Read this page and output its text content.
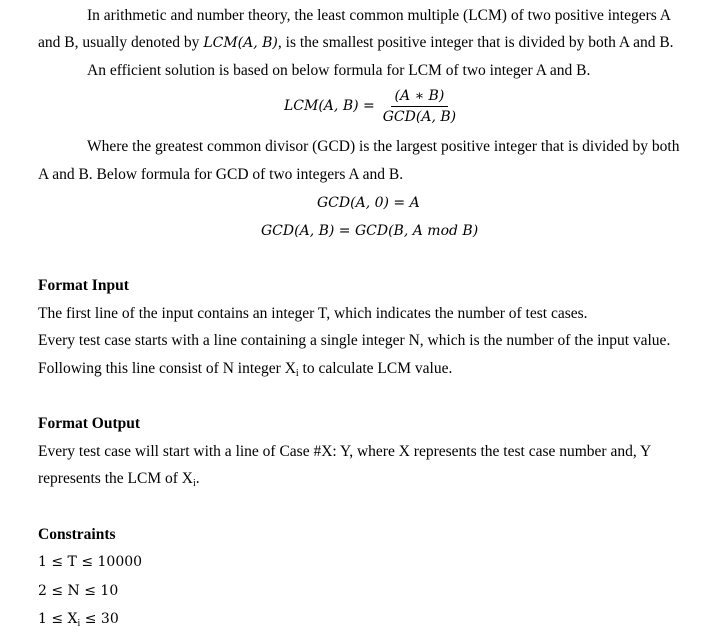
In arithmetic and number theory, the least common multiple (LCM) of two positive integers A
and B, usually denoted by LCM(A, B), is the smallest positive integer that is divided by both A and B.
An efficient solution is based on below formula for LCM of two integer A and B.
LCM(A, $B) = \frac{(A ∗ B)}{\text{GCD(A, B)}}$
Where the greatest common divisor (GCD) is the largest positive integer that is divided by both
A and B. Below formula for GCD of two integers A and B.
GCD(A, 0) = A
GCD(A, B) = GCD(B, A mod B)
Format Input
The first line of the input contains an integer T, which indicates the number of test cases.
Every test case starts with a line containing a single integer N, which is the number of the input value.
Following this line consist of N integer $X_i$ to calculate LCM value.
Format Output
Every test case will start with a line of Case #X: Y, where X represents the test case number and, Y
represents the LCM of $X_i$.
Constraints
1 ≤ T ≤ 10000
2 ≤ N ≤ 10
$1 \le X_i \le 30$
